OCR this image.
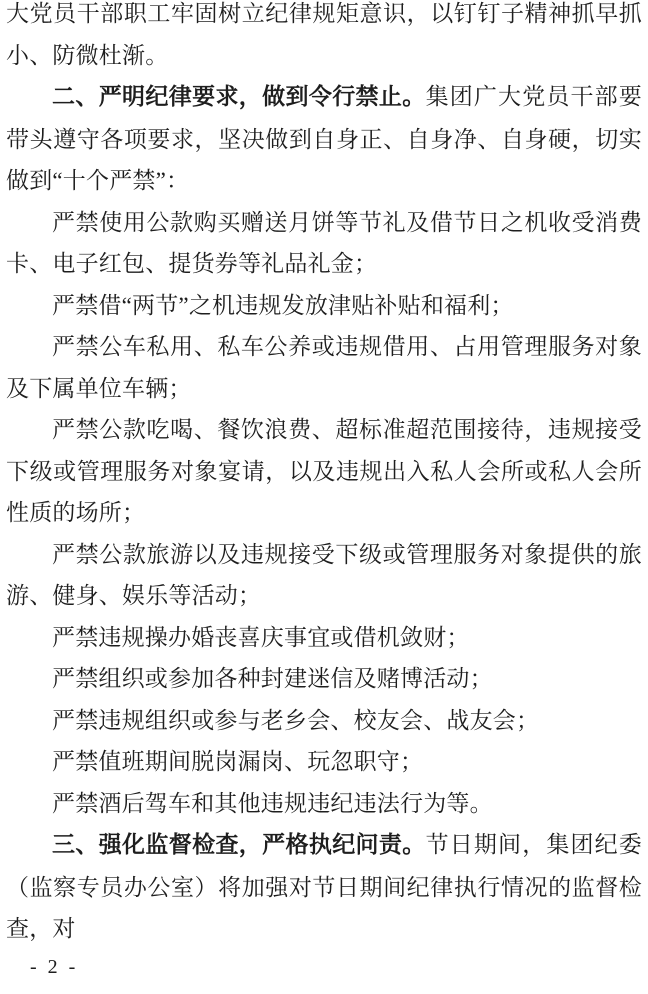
大党员干部职工牢固树立纪律规矩意识，以钉钉子精神抓早抓小、防微杜渐。

二、严明纪律要求，做到令行禁止。集团广大党员干部要带头遵守各项要求，坚决做到自身正、自身净、自身硬，切实做到“十个严禁”：

严禁使用公款购买赠送月饼等节礼及借节日之机收受消费卡、电子红包、提货券等礼品礼金；

严禁借“两节”之机违规发放津贴补贴和福利；

严禁公车私用、私车公养或违规借用、占用管理服务对象及下属单位车辆；

严禁公款吃喝、餐饮浪费、超标准超范围接待，违规接受下级或管理服务对象宴请，以及违规出入私人会所或私人会所性质的场所；

严禁公款旅游以及违规接受下级或管理服务对象提供的旅游、健身、娱乐等活动；

严禁违规操办婚丧喜庆事宜或借机敛财；

严禁组织或参加各种封建迷信及赌博活动；

严禁违规组织或参与老乡会、校友会、战友会；

严禁值班期间脱岗漏岗、玩忽职守；

严禁酒后驾车和其他违规违纪违法行为等。

三、强化监督检查，严格执纪问责。节日期间，集团纪委（监察专员办公室）将加强对节日期间纪律执行情况的监督检查，对

- 2 -
